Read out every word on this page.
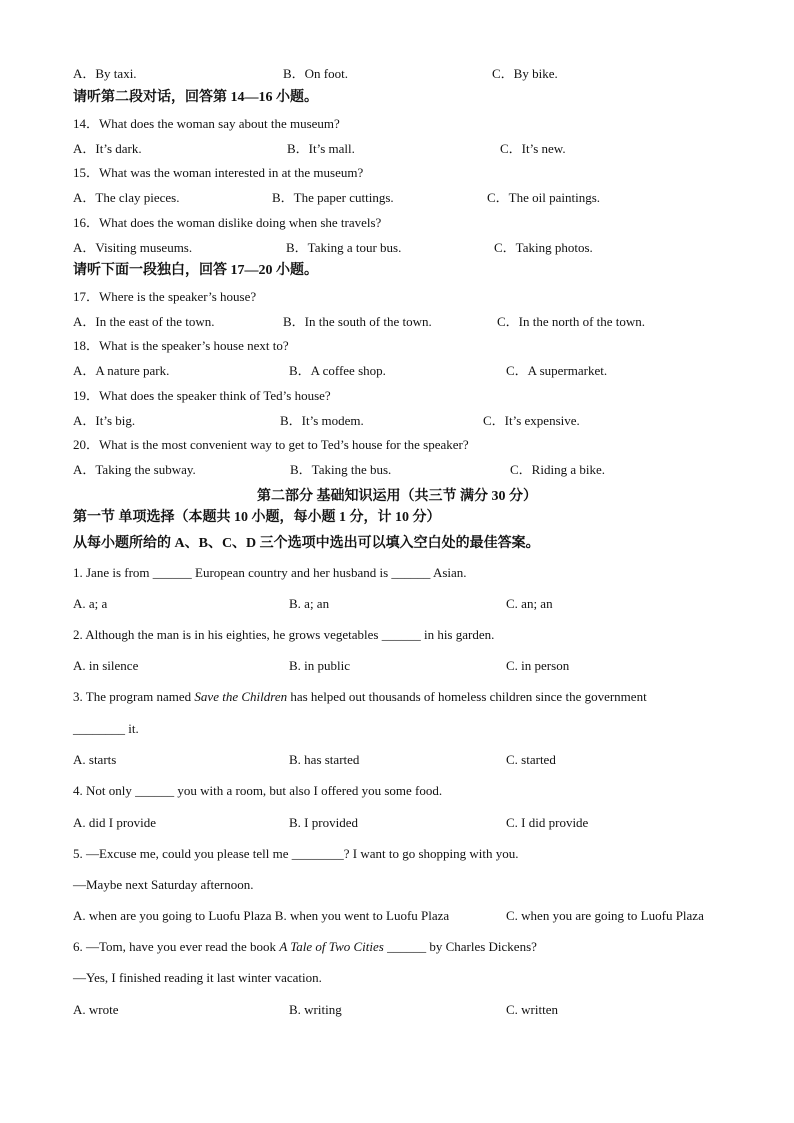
A．By taxi.	B．On foot.	C．By bike.
请听第二段对话，回答第 14—16 小题。
14．What does the woman say about the museum?
A．It’s dark.	B．It’s mall.	C．It’s new.
15．What was the woman interested in at the museum?
A．The clay pieces.	B．The paper cuttings.	C．The oil paintings.
16．What does the woman dislike doing when she travels?
A．Visiting museums.	B．Taking a tour bus.	C．Taking photos.
请听下面一段独白，回答 17—20 小题。
17．Where is the speaker’s house?
A．In the east of the town.	B．In the south of the town.	C．In the north of the town.
18．What is the speaker’s house next to?
A．A nature park.	B．A coffee shop.	C．A supermarket.
19．What does the speaker think of Ted’s house?
A．It’s big.	B．It’s modem.	C．It’s expensive.
20．What is the most convenient way to get to Ted’s house for the speaker?
A．Taking the subway.	B．Taking the bus.	C．Riding a bike.
第二部分 基础知识运用（共三节 满分 30 分）
第一节 单项选择（本题共 10 小题，每小题 1 分，计 10 分）
从每小题所给的 A、B、C、D 三个选项中选出可以填入空白处的最佳答案。
1. Jane is from ______ European country and her husband is ______ Asian.
A. a; a	B. a; an	C. an; an
2. Although the man is in his eighties, he grows vegetables ______ in his garden.
A. in silence	B. in public	C. in person
3. The program named Save the Children has helped out thousands of homeless children since the government
________ it.
A. starts	B. has started	C. started
4. Not only ______ you with a room, but also I offered you some food.
A. did I provide	B. I provided	C. I did provide
5. —Excuse me, could you please tell me ________? I want to go shopping with you.
—Maybe next Saturday afternoon.
A. when are you going to Luofu Plaza B. when you went to Luofu Plaza	C. when you are going to Luofu Plaza
6. —Tom, have you ever read the book A Tale of Two Cities ______ by Charles Dickens?
—Yes, I finished reading it last winter vacation.
A. wrote	B. writing	C. written
